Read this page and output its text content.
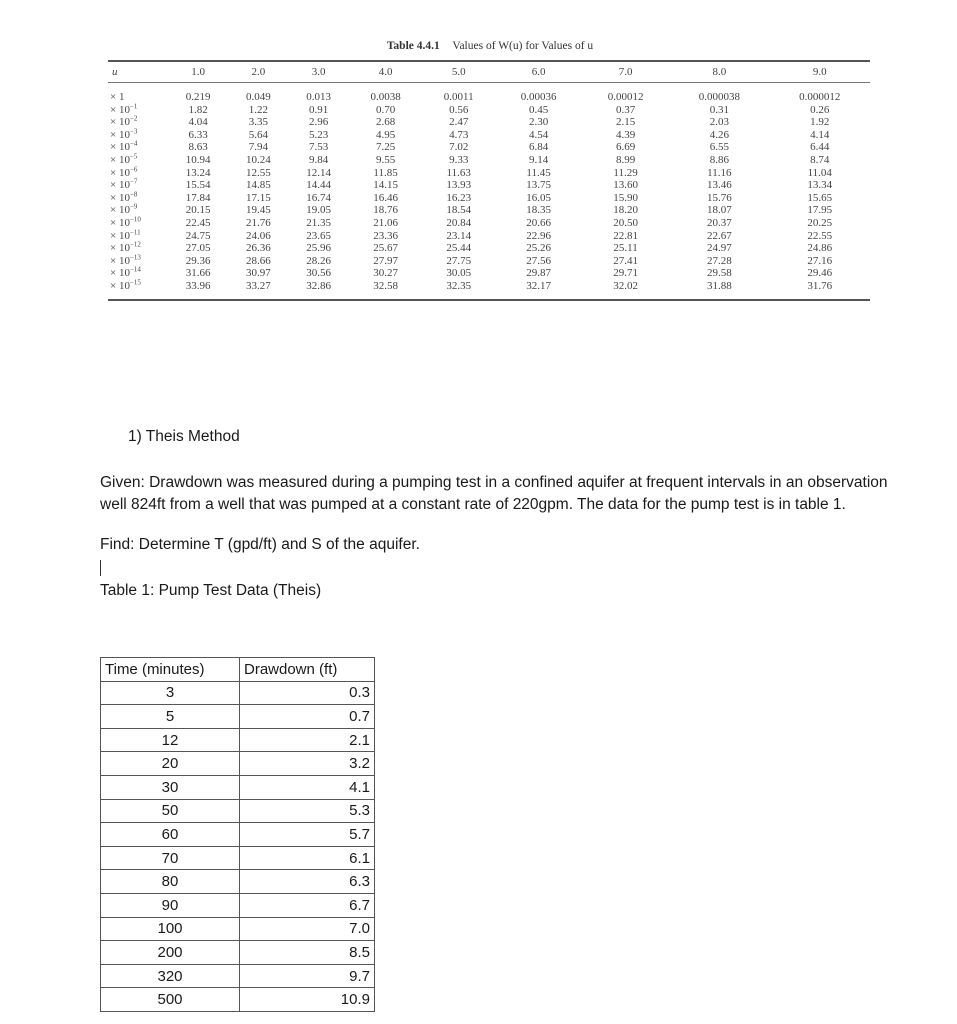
Table 4.4.1 Values of W(u) for Values of u
u	1.0	2.0	3.0	4.0	5.0	6.0	7.0	8.0	9.0
× 1	0.219	0.049	0.013	0.0038	0.0011	0.00036	0.00012	0.000038	0.000012
× $10^{-1}$	1.82	1.22	0.91	0.70	0.56	0.45	0.37	0.31	0.26
× $10^{-2}$	4.04	3.35	2.96	2.68	2.47	2.30	2.15	2.03	1.92
× $10^{-3}$	6.33	5.64	5.23	4.95	4.73	4.54	4.39	4.26	4.14
× $10^{-4}$	8.63	7.94	7.53	7.25	7.02	6.84	6.69	6.55	6.44
× $10^{-5}$	10.94	10.24	9.84	9.55	9.33	9.14	8.99	8.86	8.74
× $10^{-6}$	13.24	12.55	12.14	11.85	11.63	11.45	11.29	11.16	11.04
× $10^{-7}$	15.54	14.85	14.44	14.15	13.93	13.75	13.60	13.46	13.34
× $10^{-8}$	17.84	17.15	16.74	16.46	16.23	16.05	15.90	15.76	15.65
× $10^{-9}$	20.15	19.45	19.05	18.76	18.54	18.35	18.20	18.07	17.95
× $10^{-10}$	22.45	21.76	21.35	21.06	20.84	20.66	20.50	20.37	20.25
× $10^{-11}$	24.75	24.06	23.65	23.36	23.14	22.96	22.81	22.67	22.55
× $10^{-12}$	27.05	26.36	25.96	25.67	25.44	25.26	25.11	24.97	24.86
× $10^{-13}$	29.36	28.66	28.26	27.97	27.75	27.56	27.41	27.28	27.16
× $10^{-14}$	31.66	30.97	30.56	30.27	30.05	29.87	29.71	29.58	29.46
× $10^{-15}$	33.96	33.27	32.86	32.58	32.35	32.17	32.02	31.88	31.76
1) Theis Method
Given: Drawdown was measured during a pumping test in a confined aquifer at frequent intervals in an observation well 824ft from a well that was pumped at a constant rate of 220gpm. The data for the pump test is in table 1.
Find: Determine T (gpd/ft) and S of the aquifer.
Table 1: Pump Test Data (Theis)
Time (minutes)	Drawdown (ft)
3	0.3
5	0.7
12	2.1
20	3.2
30	4.1
50	5.3
60	5.7
70	6.1
80	6.3
90	6.7
100	7.0
200	8.5
320	9.7
500	10.9
